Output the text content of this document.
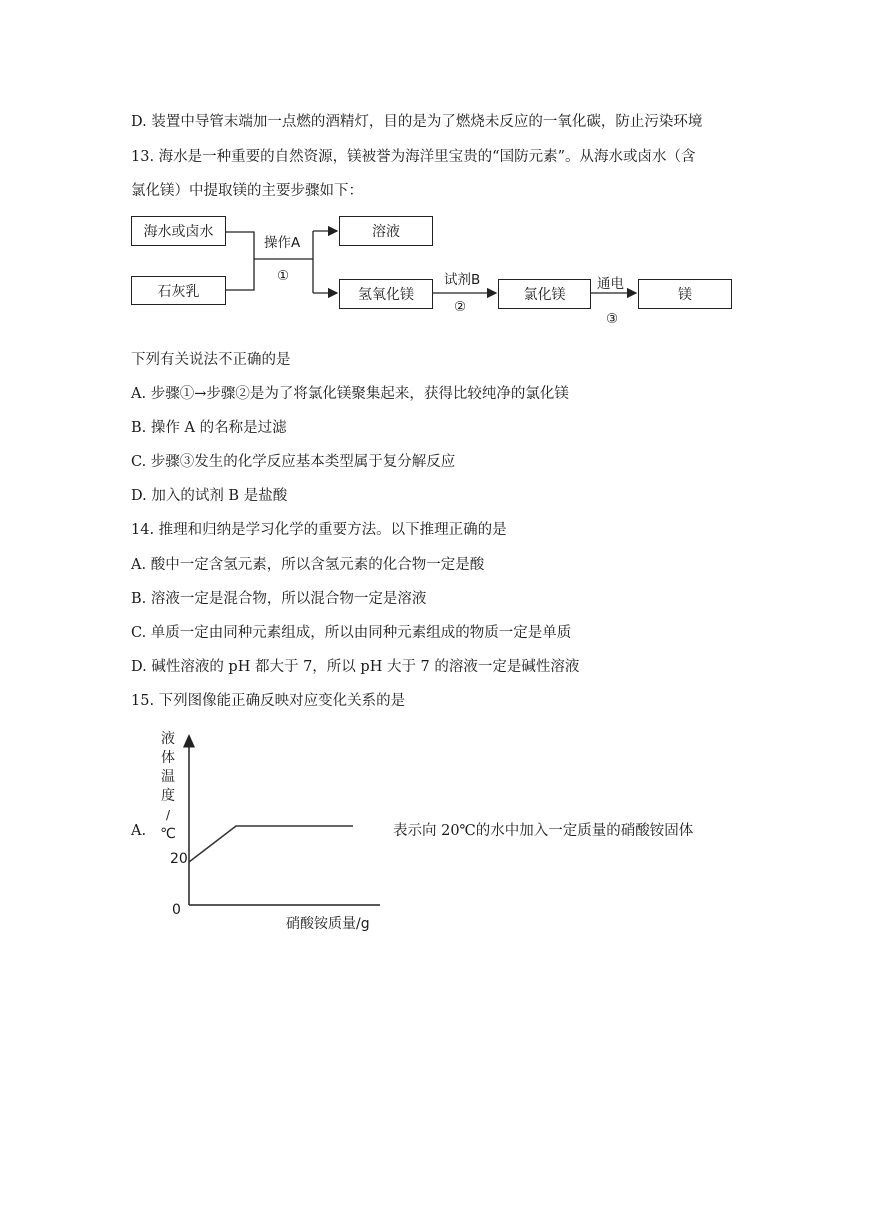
D. 装置中导管末端加一点燃的酒精灯，目的是为了燃烧未反应的一氧化碳，防止污染环境
13. 海水是一种重要的自然资源，镁被誉为海洋里宝贵的“国防元素”。从海水或卤水（含
氯化镁）中提取镁的主要步骤如下：
海水或卤水
石灰乳
溶液
氢氧化镁	氯化镁	镁
操作A
①	试剂B
②
通电
③
下列有关说法不正确的是
A. 步骤①→步骤②是为了将氯化镁聚集起来，获得比较纯净的氯化镁
B. 操作 A 的名称是过滤
C. 步骤③发生的化学反应基本类型属于复分解反应
D. 加入的试剂 B 是盐酸
14. 推理和归纳是学习化学的重要方法。以下推理正确的是
A. 酸中一定含氢元素，所以含氢元素的化合物一定是酸
B. 溶液一定是混合物，所以混合物一定是溶液
C. 单质一定由同种元素组成，所以由同种元素组成的物质一定是单质
D. 碱性溶液的 pH 都大于 7，所以 pH 大于 7 的溶液一定是碱性溶液
15. 下列图像能正确反映对应变化关系的是
A.
液
体
温
度
/
℃
20
0
硝酸铵质量/g
表示向 20℃的水中加入一定质量的硝酸铵固体
